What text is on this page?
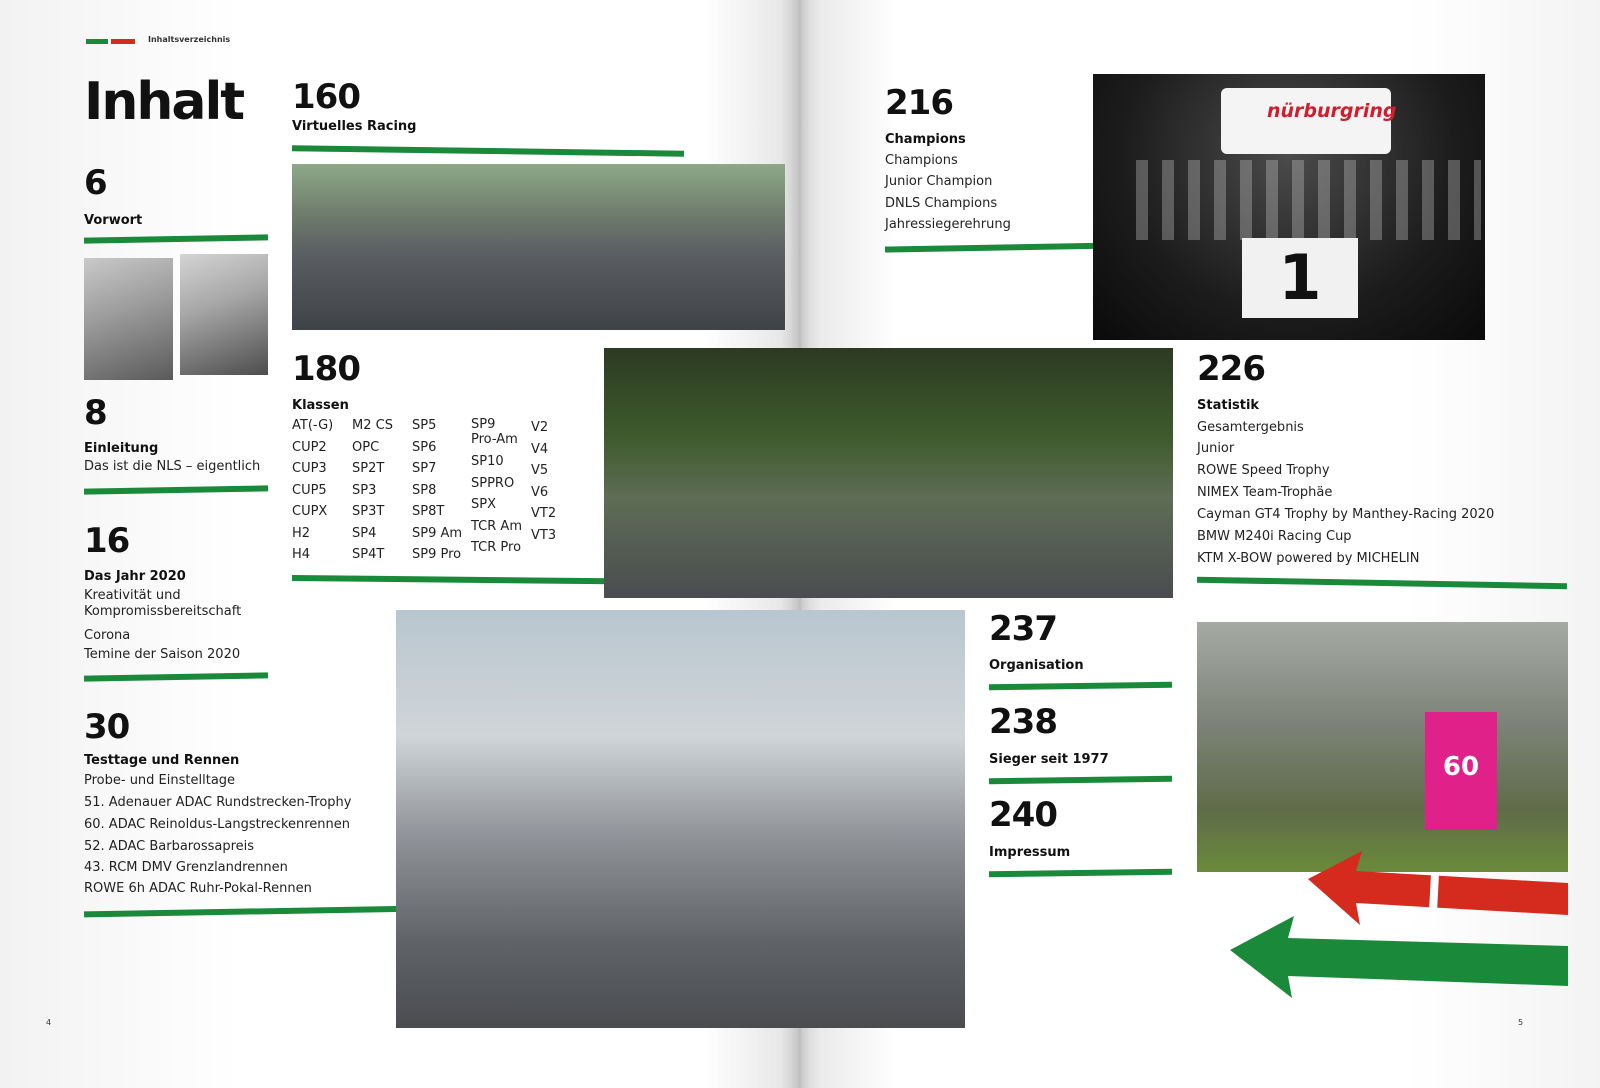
Inhaltsverzeichnis
Inhalt
6
Vorwort
8
Einleitung
Das ist die NLS – eigentlich
16
Das Jahr 2020
Kreativität und
Kompromissbereitschaft
Corona
Temine der Saison 2020
30
Testtage und Rennen
Probe- und Einstelltage
51. Adenauer ADAC Rundstrecken-Trophy
60. ADAC Reinoldus-Langstreckenrennen
52. ADAC Barbarossapreis
43. RCM DMV Grenzlandrennen
ROWE 6h ADAC Ruhr-Pokal-Rennen
160
Virtuelles Racing
180
Klassen
AT(-G)
CUP2
CUP3
CUP5
CUPX
H2
H4
M2 CS
OPC
SP2T
SP3
SP3T
SP4
SP4T
SP5
SP6
SP7
SP8
SP8T
SP9 Am
SP9 Pro
SP9
Pro-Am
SP10
SPPRO
SPX
TCR Am
TCR Pro
V2
V4
V5
V6
VT2
VT3
216
Champions
Champions
Junior Champion
DNLS Champions
Jahressiegerehrung
nürburgring
1
226
Statistik
Gesamtergebnis
Junior
ROWE Speed Trophy
NIMEX Team-Trophäe
Cayman GT4 Trophy by Manthey-Racing 2020
BMW M240i Racing Cup
KTM X-BOW powered by MICHELIN
237
Organisation
238
Sieger seit 1977
240
Impressum
60
4	5
